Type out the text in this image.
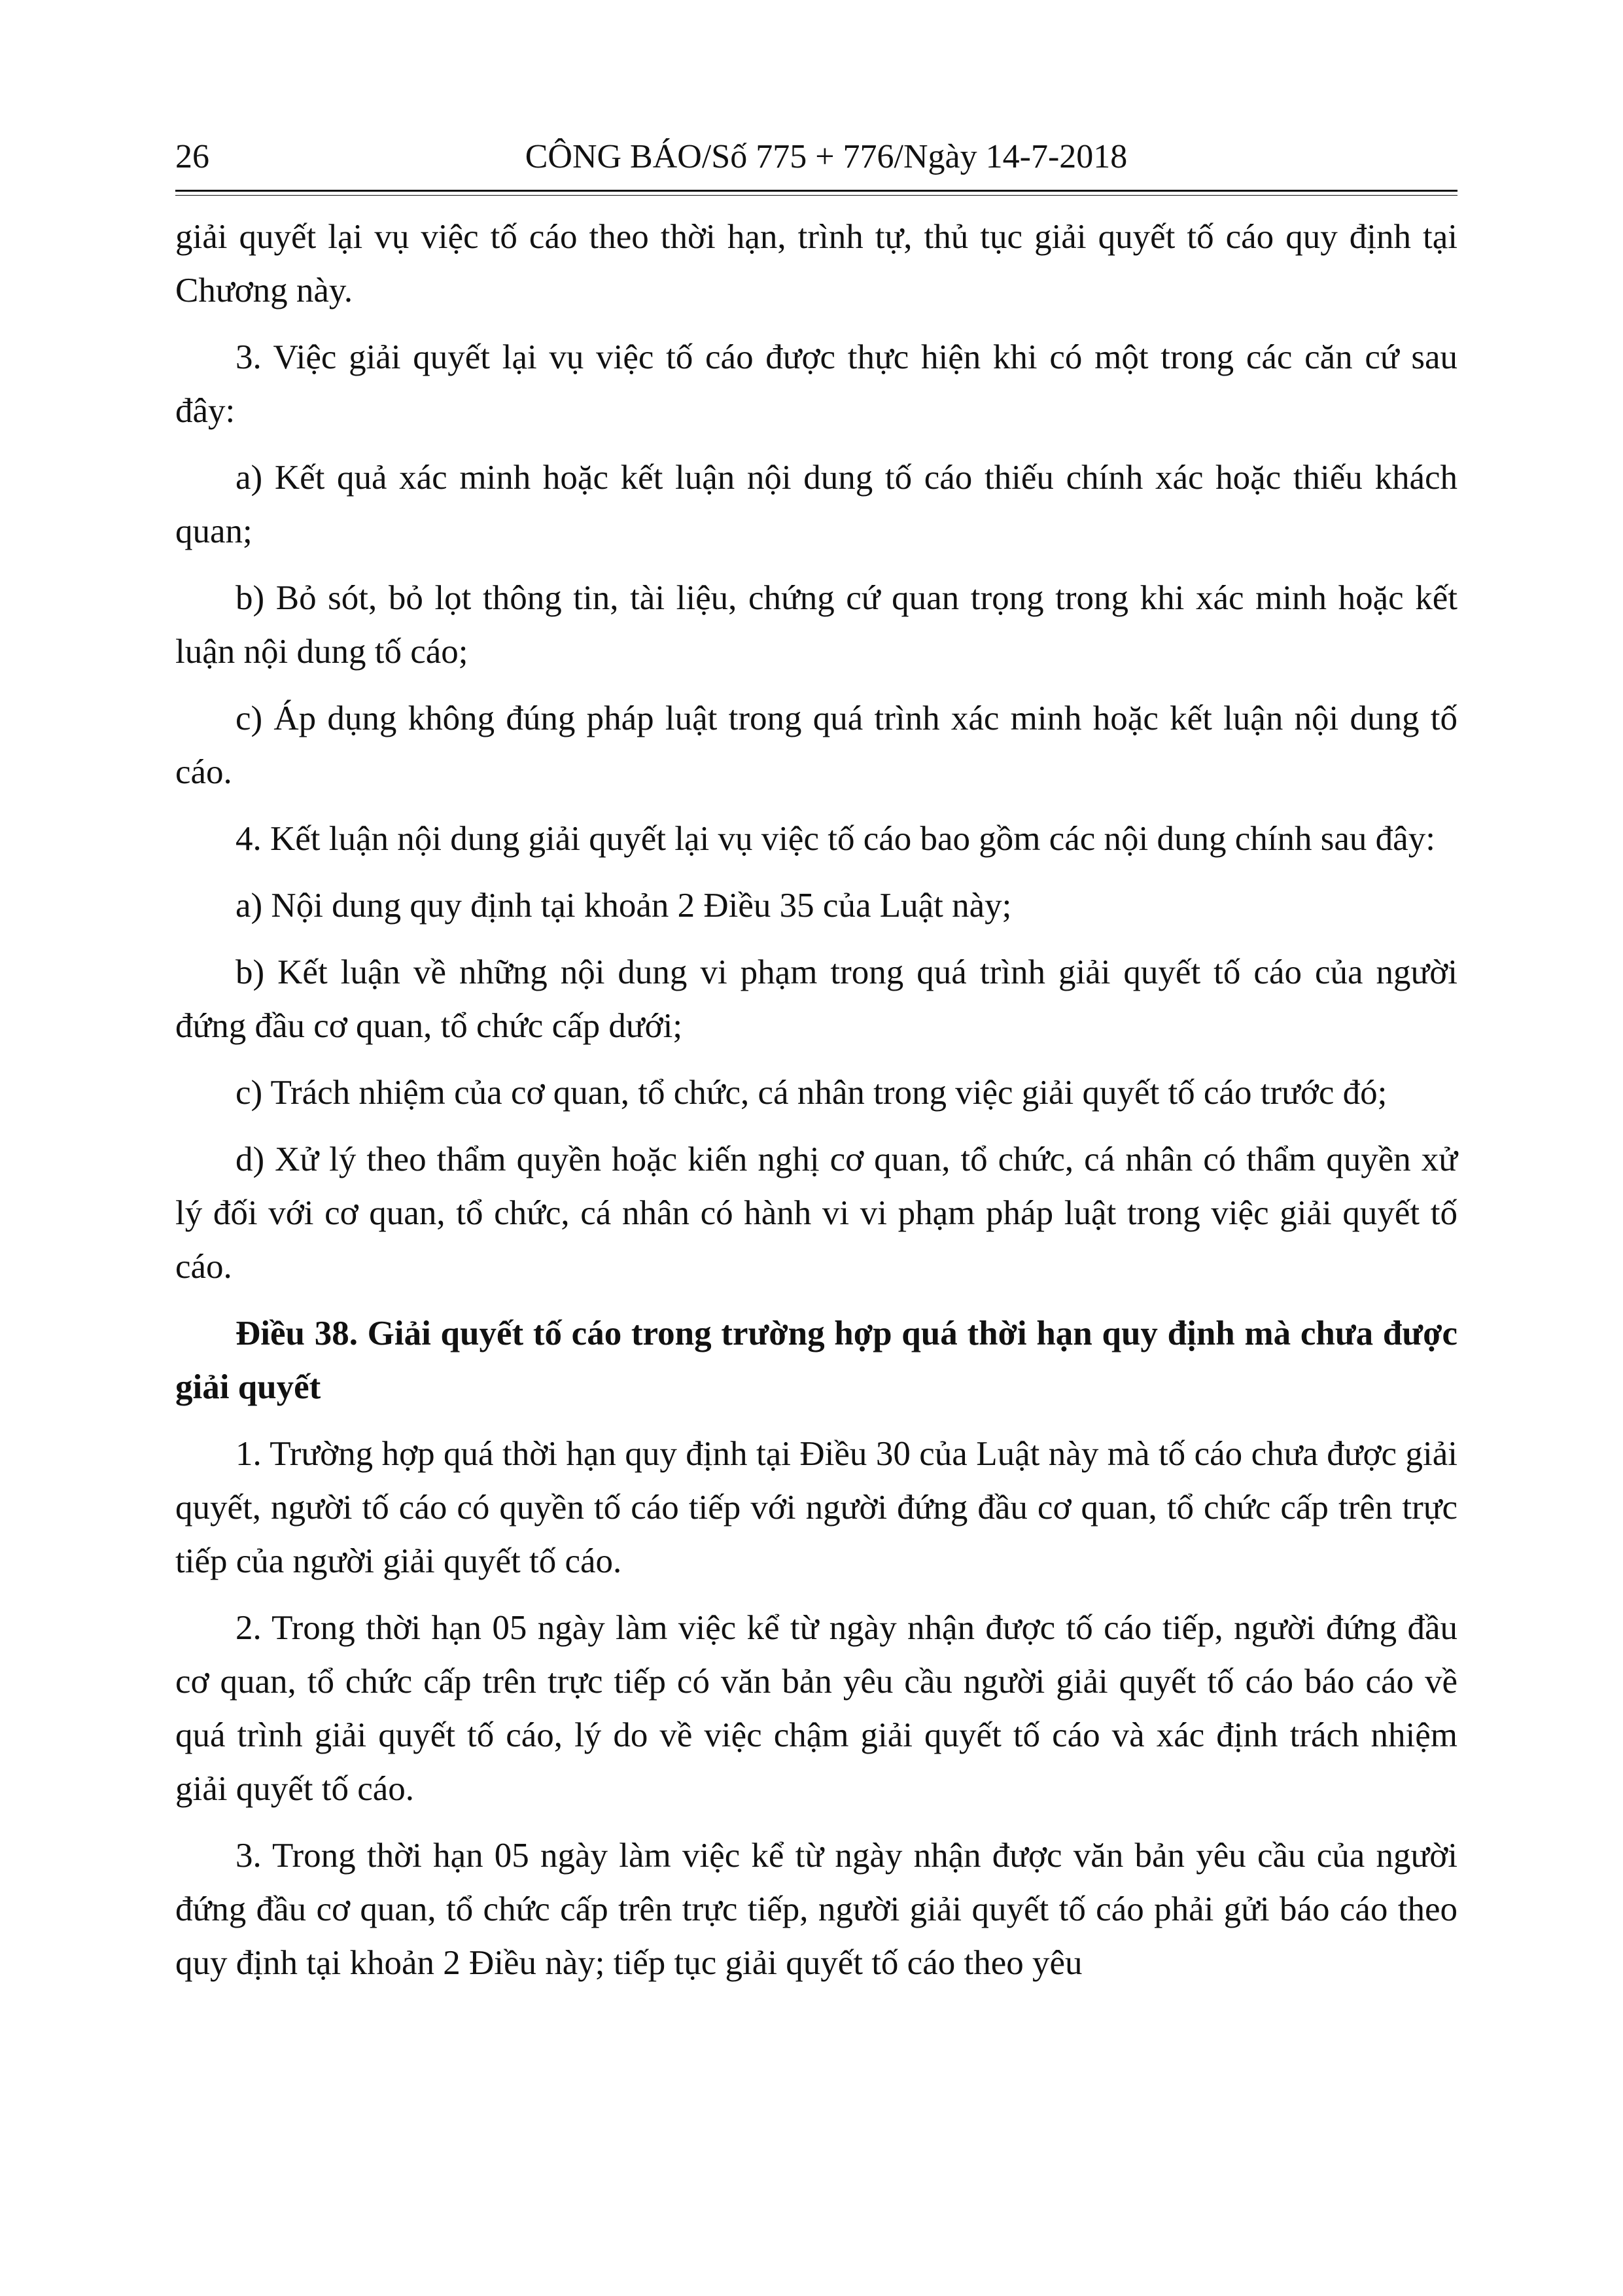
26	CÔNG BÁO/Số 775 + 776/Ngày 14-7-2018

giải quyết lại vụ việc tố cáo theo thời hạn, trình tự, thủ tục giải quyết tố cáo quy định tại Chương này.

3. Việc giải quyết lại vụ việc tố cáo được thực hiện khi có một trong các căn cứ sau đây:

a) Kết quả xác minh hoặc kết luận nội dung tố cáo thiếu chính xác hoặc thiếu khách quan;

b) Bỏ sót, bỏ lọt thông tin, tài liệu, chứng cứ quan trọng trong khi xác minh hoặc kết luận nội dung tố cáo;

c) Áp dụng không đúng pháp luật trong quá trình xác minh hoặc kết luận nội dung tố cáo.

4. Kết luận nội dung giải quyết lại vụ việc tố cáo bao gồm các nội dung chính sau đây:

a) Nội dung quy định tại khoản 2 Điều 35 của Luật này;

b) Kết luận về những nội dung vi phạm trong quá trình giải quyết tố cáo của người đứng đầu cơ quan, tổ chức cấp dưới;

c) Trách nhiệm của cơ quan, tổ chức, cá nhân trong việc giải quyết tố cáo trước đó;

d) Xử lý theo thẩm quyền hoặc kiến nghị cơ quan, tổ chức, cá nhân có thẩm quyền xử lý đối với cơ quan, tổ chức, cá nhân có hành vi vi phạm pháp luật trong việc giải quyết tố cáo.

Điều 38. Giải quyết tố cáo trong trường hợp quá thời hạn quy định mà chưa được giải quyết

1. Trường hợp quá thời hạn quy định tại Điều 30 của Luật này mà tố cáo chưa được giải quyết, người tố cáo có quyền tố cáo tiếp với người đứng đầu cơ quan, tổ chức cấp trên trực tiếp của người giải quyết tố cáo.

2. Trong thời hạn 05 ngày làm việc kể từ ngày nhận được tố cáo tiếp, người đứng đầu cơ quan, tổ chức cấp trên trực tiếp có văn bản yêu cầu người giải quyết tố cáo báo cáo về quá trình giải quyết tố cáo, lý do về việc chậm giải quyết tố cáo và xác định trách nhiệm giải quyết tố cáo.

3. Trong thời hạn 05 ngày làm việc kể từ ngày nhận được văn bản yêu cầu của người đứng đầu cơ quan, tổ chức cấp trên trực tiếp, người giải quyết tố cáo phải gửi báo cáo theo quy định tại khoản 2 Điều này; tiếp tục giải quyết tố cáo theo yêu
